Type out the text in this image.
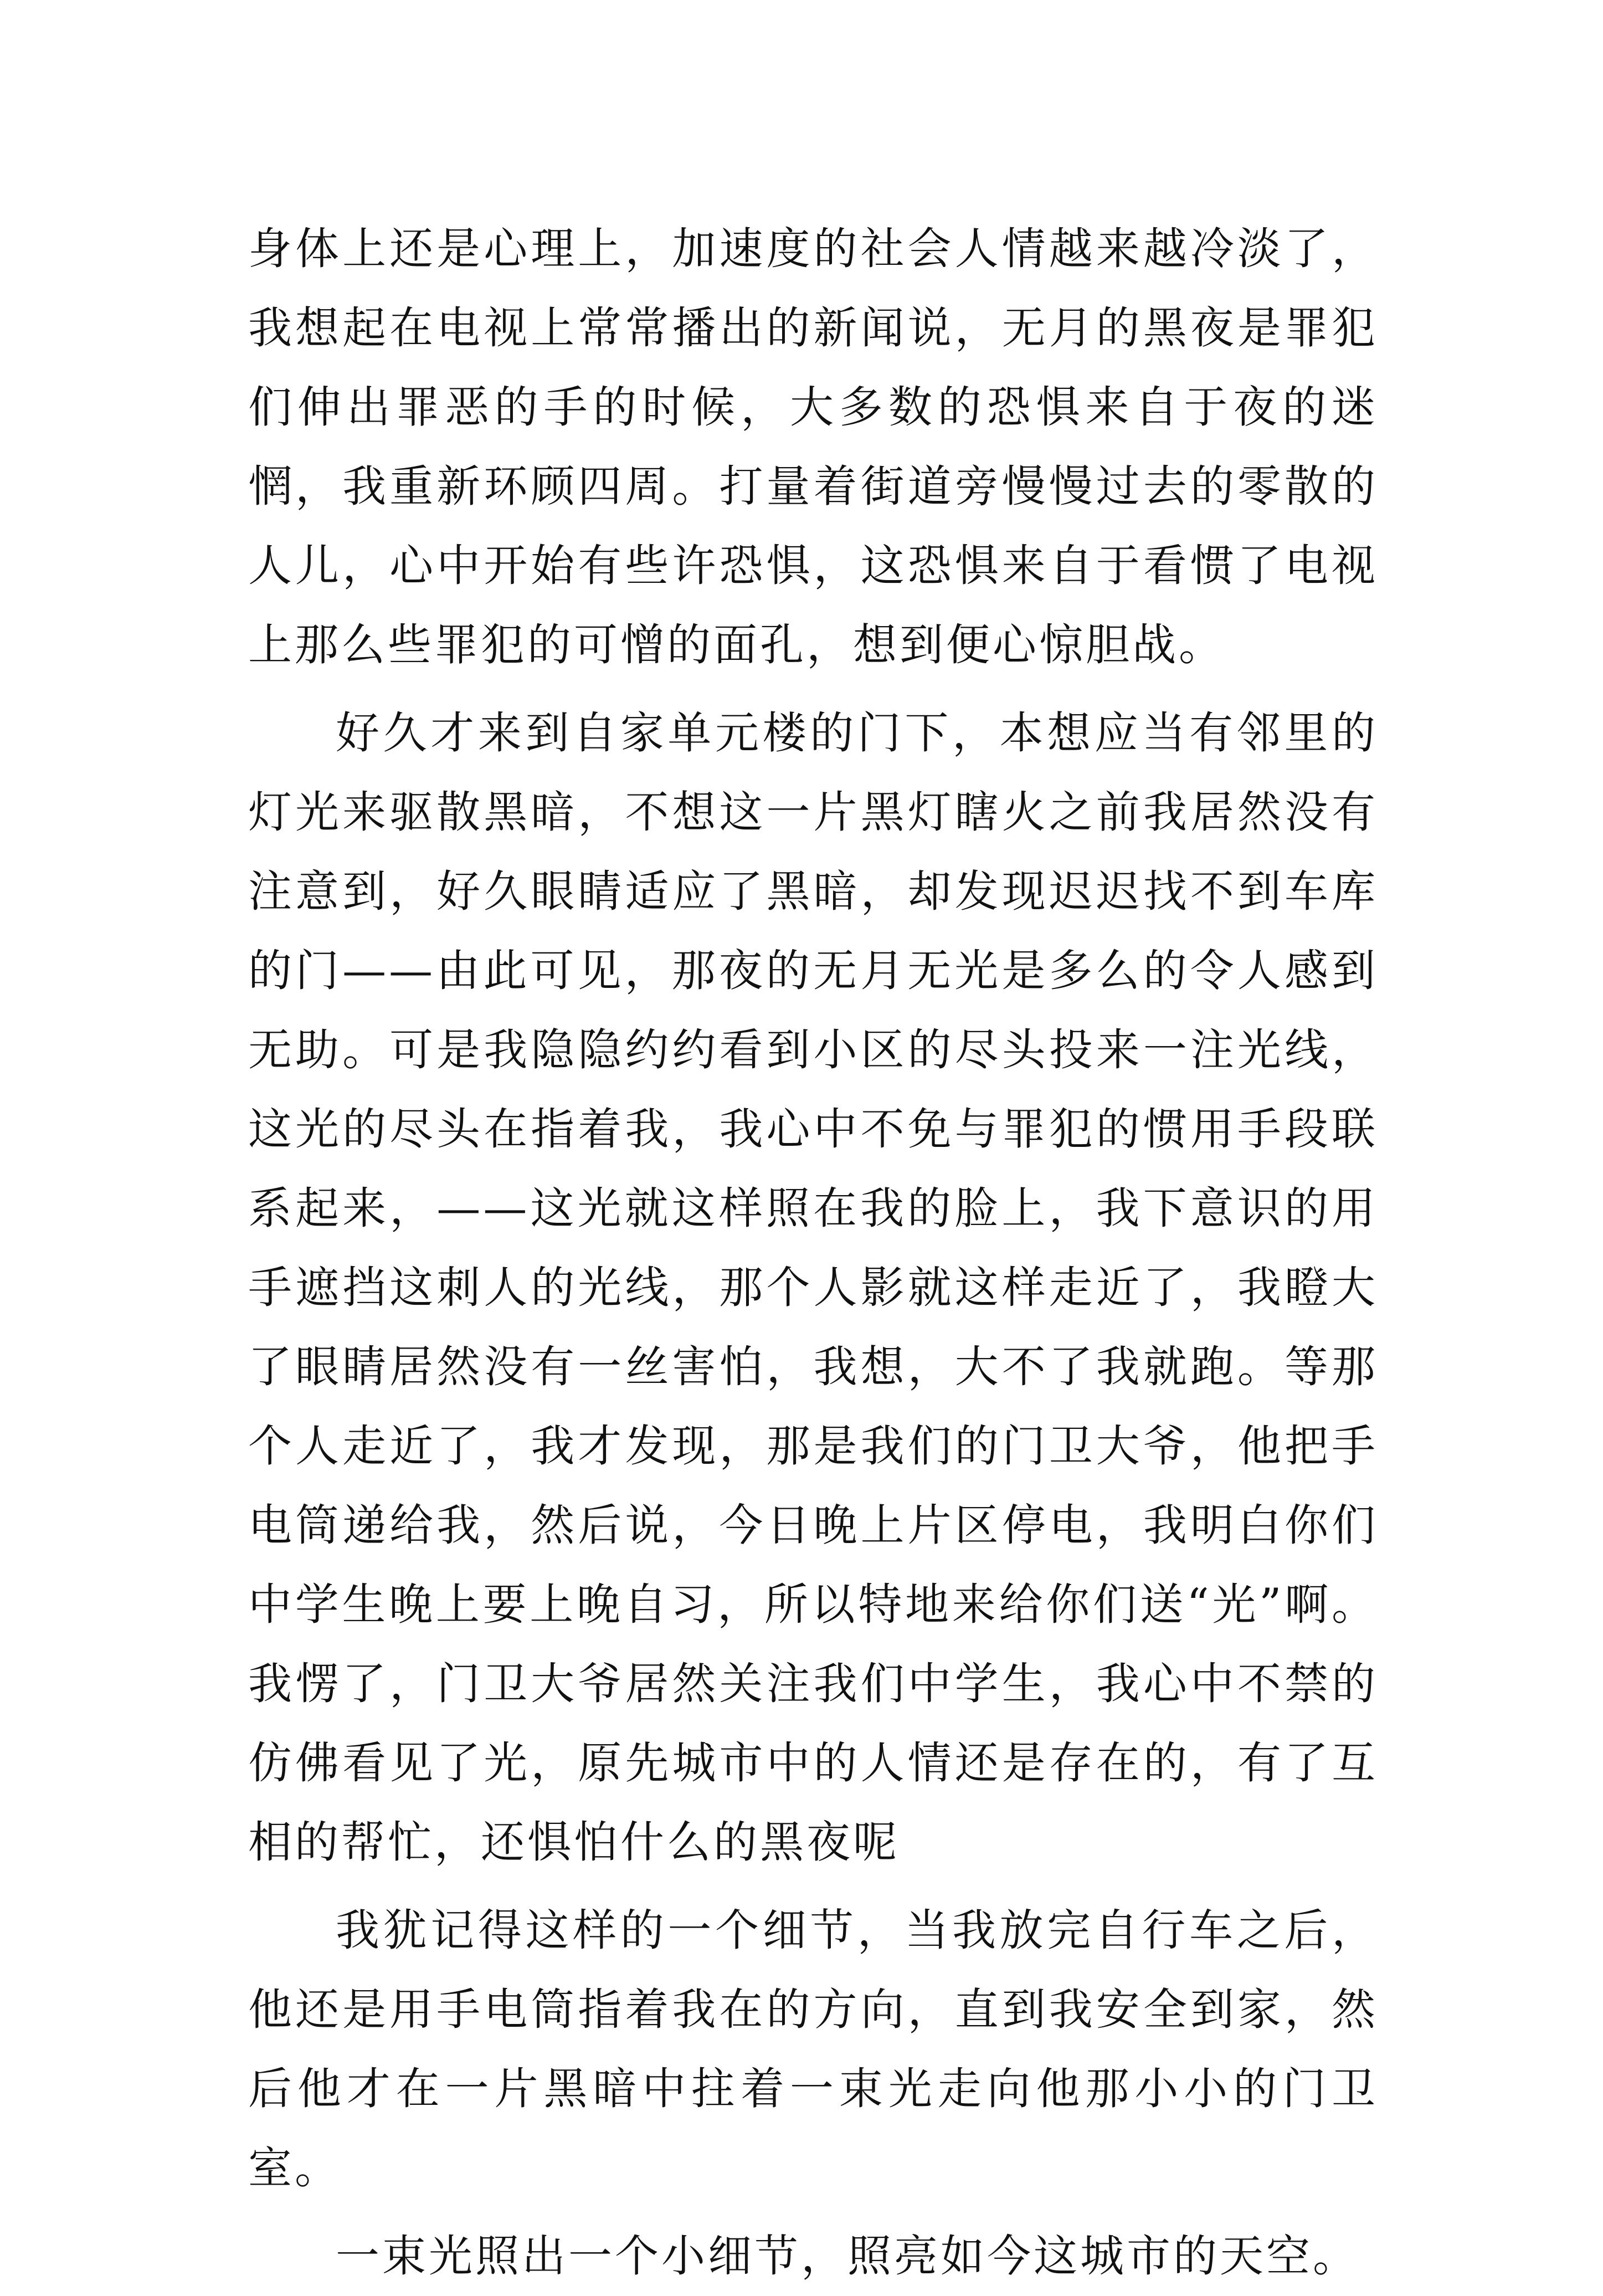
身体上还是心理上，加速度的社会人情越来越冷淡了，我想起在电视上常常播出的新闻说，无月的黑夜是罪犯们伸出罪恶的手的时候，大多数的恐惧来自于夜的迷惘，我重新环顾四周。打量着街道旁慢慢过去的零散的人儿，心中开始有些许恐惧，这恐惧来自于看惯了电视上那么些罪犯的可憎的面孔，想到便心惊胆战。

好久才来到自家单元楼的门下，本想应当有邻里的灯光来驱散黑暗，不想这一片黑灯瞎火之前我居然没有注意到，好久眼睛适应了黑暗，却发现迟迟找不到车库的门——由此可见，那夜的无月无光是多么的令人感到无助。可是我隐隐约约看到小区的尽头投来一注光线，这光的尽头在指着我，我心中不免与罪犯的惯用手段联系起来，——这光就这样照在我的脸上，我下意识的用手遮挡这刺人的光线，那个人影就这样走近了，我瞪大了眼睛居然没有一丝害怕，我想，大不了我就跑。等那个人走近了，我才发现，那是我们的门卫大爷，他把手电筒递给我，然后说，今日晚上片区停电，我明白你们中学生晚上要上晚自习，所以特地来给你们送“光”啊。我愣了，门卫大爷居然关注我们中学生，我心中不禁的仿佛看见了光，原先城市中的人情还是存在的，有了互相的帮忙，还惧怕什么的黑夜呢

我犹记得这样的一个细节，当我放完自行车之后，他还是用手电筒指着我在的方向，直到我安全到家，然后他才在一片黑暗中拄着一束光走向他那小小的门卫室。

一束光照出一个小细节，照亮如今这城市的天空。
